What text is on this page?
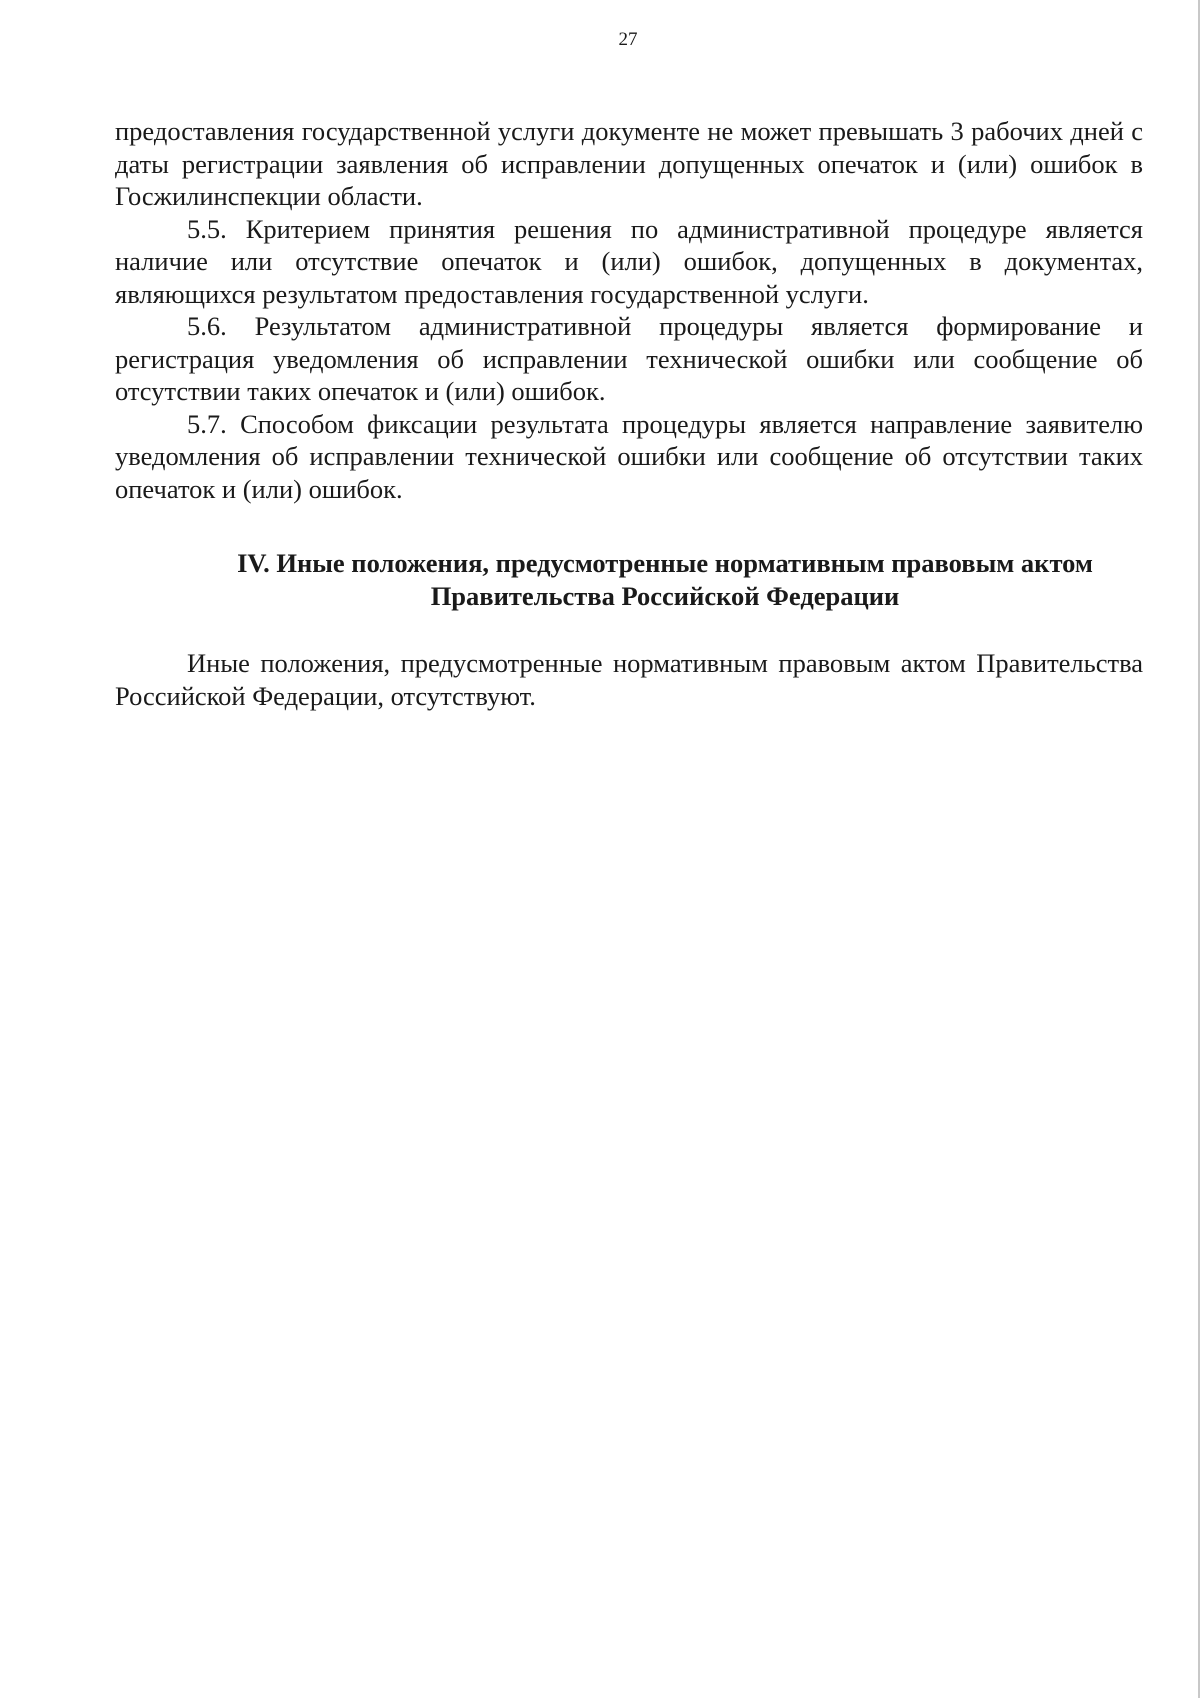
27

предоставления государственной услуги документе не может превышать 3 рабочих дней с даты регистрации заявления об исправлении допущенных опечаток и (или) ошибок в Госжилинспекции области.

5.5. Критерием принятия решения по административной процедуре является наличие или отсутствие опечаток и (или) ошибок, допущенных в документах, являющихся результатом предоставления государственной услуги.

5.6. Результатом административной процедуры является формирование и регистрация уведомления об исправлении технической ошибки или сообщение об отсутствии таких опечаток и (или) ошибок.

5.7. Способом фиксации результата процедуры является направление заявителю уведомления об исправлении технической ошибки или сообщение об отсутствии таких опечаток и (или) ошибок.

IV. Иные положения, предусмотренные нормативным правовым актом
Правительства Российской Федерации

Иные положения, предусмотренные нормативным правовым актом Правительства Российской Федерации, отсутствуют.
